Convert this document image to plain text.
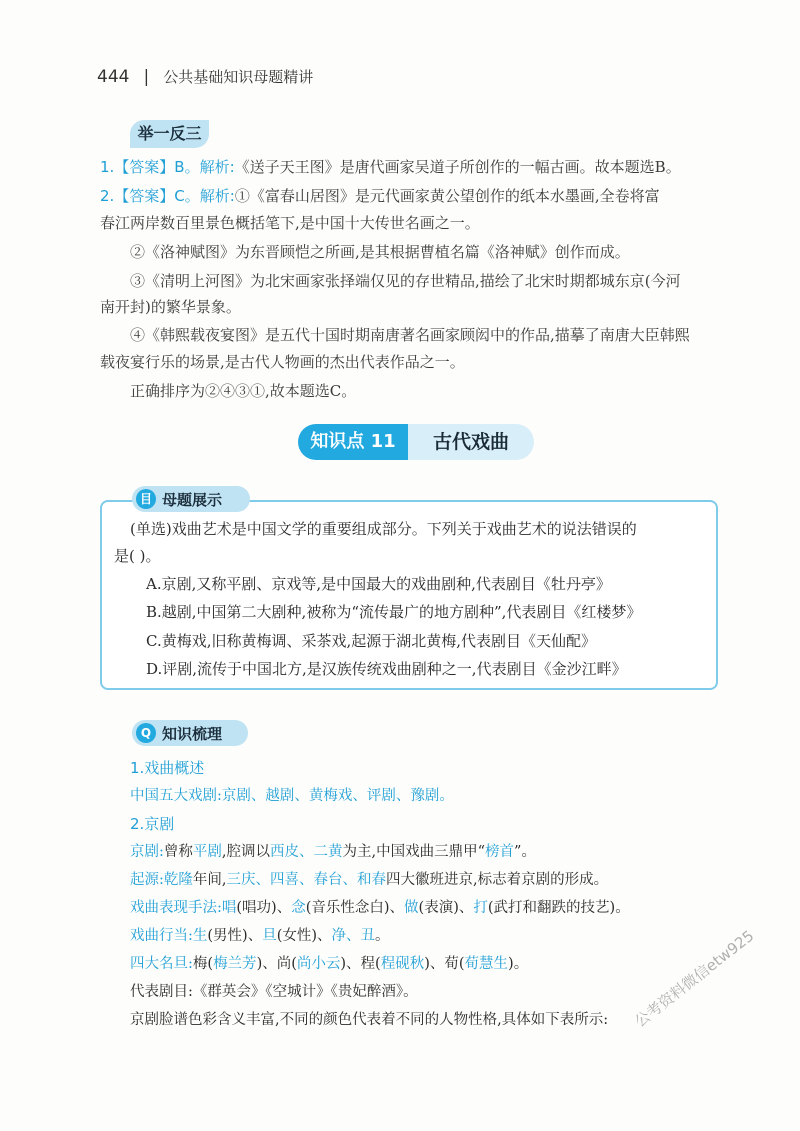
444 | 公共基础知识母题精讲
举一反三
1.【答案】B。解析:《送子天王图》是唐代画家吴道子所创作的一幅古画。故本题选B。
2.【答案】C。解析:①《富春山居图》是元代画家黄公望创作的纸本水墨画,全卷将富
春江两岸数百里景色概括笔下,是中国十大传世名画之一。
②《洛神赋图》为东晋顾恺之所画,是其根据曹植名篇《洛神赋》创作而成。
③《清明上河图》为北宋画家张择端仅见的存世精品,描绘了北宋时期都城东京(今河
南开封)的繁华景象。
④《韩熙载夜宴图》是五代十国时期南唐著名画家顾闳中的作品,描摹了南唐大臣韩熙
载夜宴行乐的场景,是古代人物画的杰出代表作品之一。
正确排序为②④③①,故本题选C。
知识点 11	古代戏曲
目 母题展示
(单选)戏曲艺术是中国文学的重要组成部分。下列关于戏曲艺术的说法错误的
是( )。
A.京剧,又称平剧、京戏等,是中国最大的戏曲剧种,代表剧目《牡丹亭》
B.越剧,中国第二大剧种,被称为“流传最广的地方剧种”,代表剧目《红楼梦》
C.黄梅戏,旧称黄梅调、采茶戏,起源于湖北黄梅,代表剧目《天仙配》
D.评剧,流传于中国北方,是汉族传统戏曲剧种之一,代表剧目《金沙江畔》
Q 知识梳理
1.戏曲概述
中国五大戏剧:京剧、越剧、黄梅戏、评剧、豫剧。
2.京剧
京剧:曾称平剧,腔调以西皮、二黄为主,中国戏曲三鼎甲“榜首”。
起源:乾隆年间,三庆、四喜、春台、和春四大徽班进京,标志着京剧的形成。
戏曲表现手法:唱(唱功)、念(音乐性念白)、做(表演)、打(武打和翻跌的技艺)。
戏曲行当:生(男性)、旦(女性)、净、丑。
四大名旦:梅(梅兰芳)、尚(尚小云)、程(程砚秋)、荀(荀慧生)。
代表剧目:《群英会》《空城计》《贵妃醉酒》。
京剧脸谱色彩含义丰富,不同的颜色代表着不同的人物性格,具体如下表所示:	公考资料微信etw925
